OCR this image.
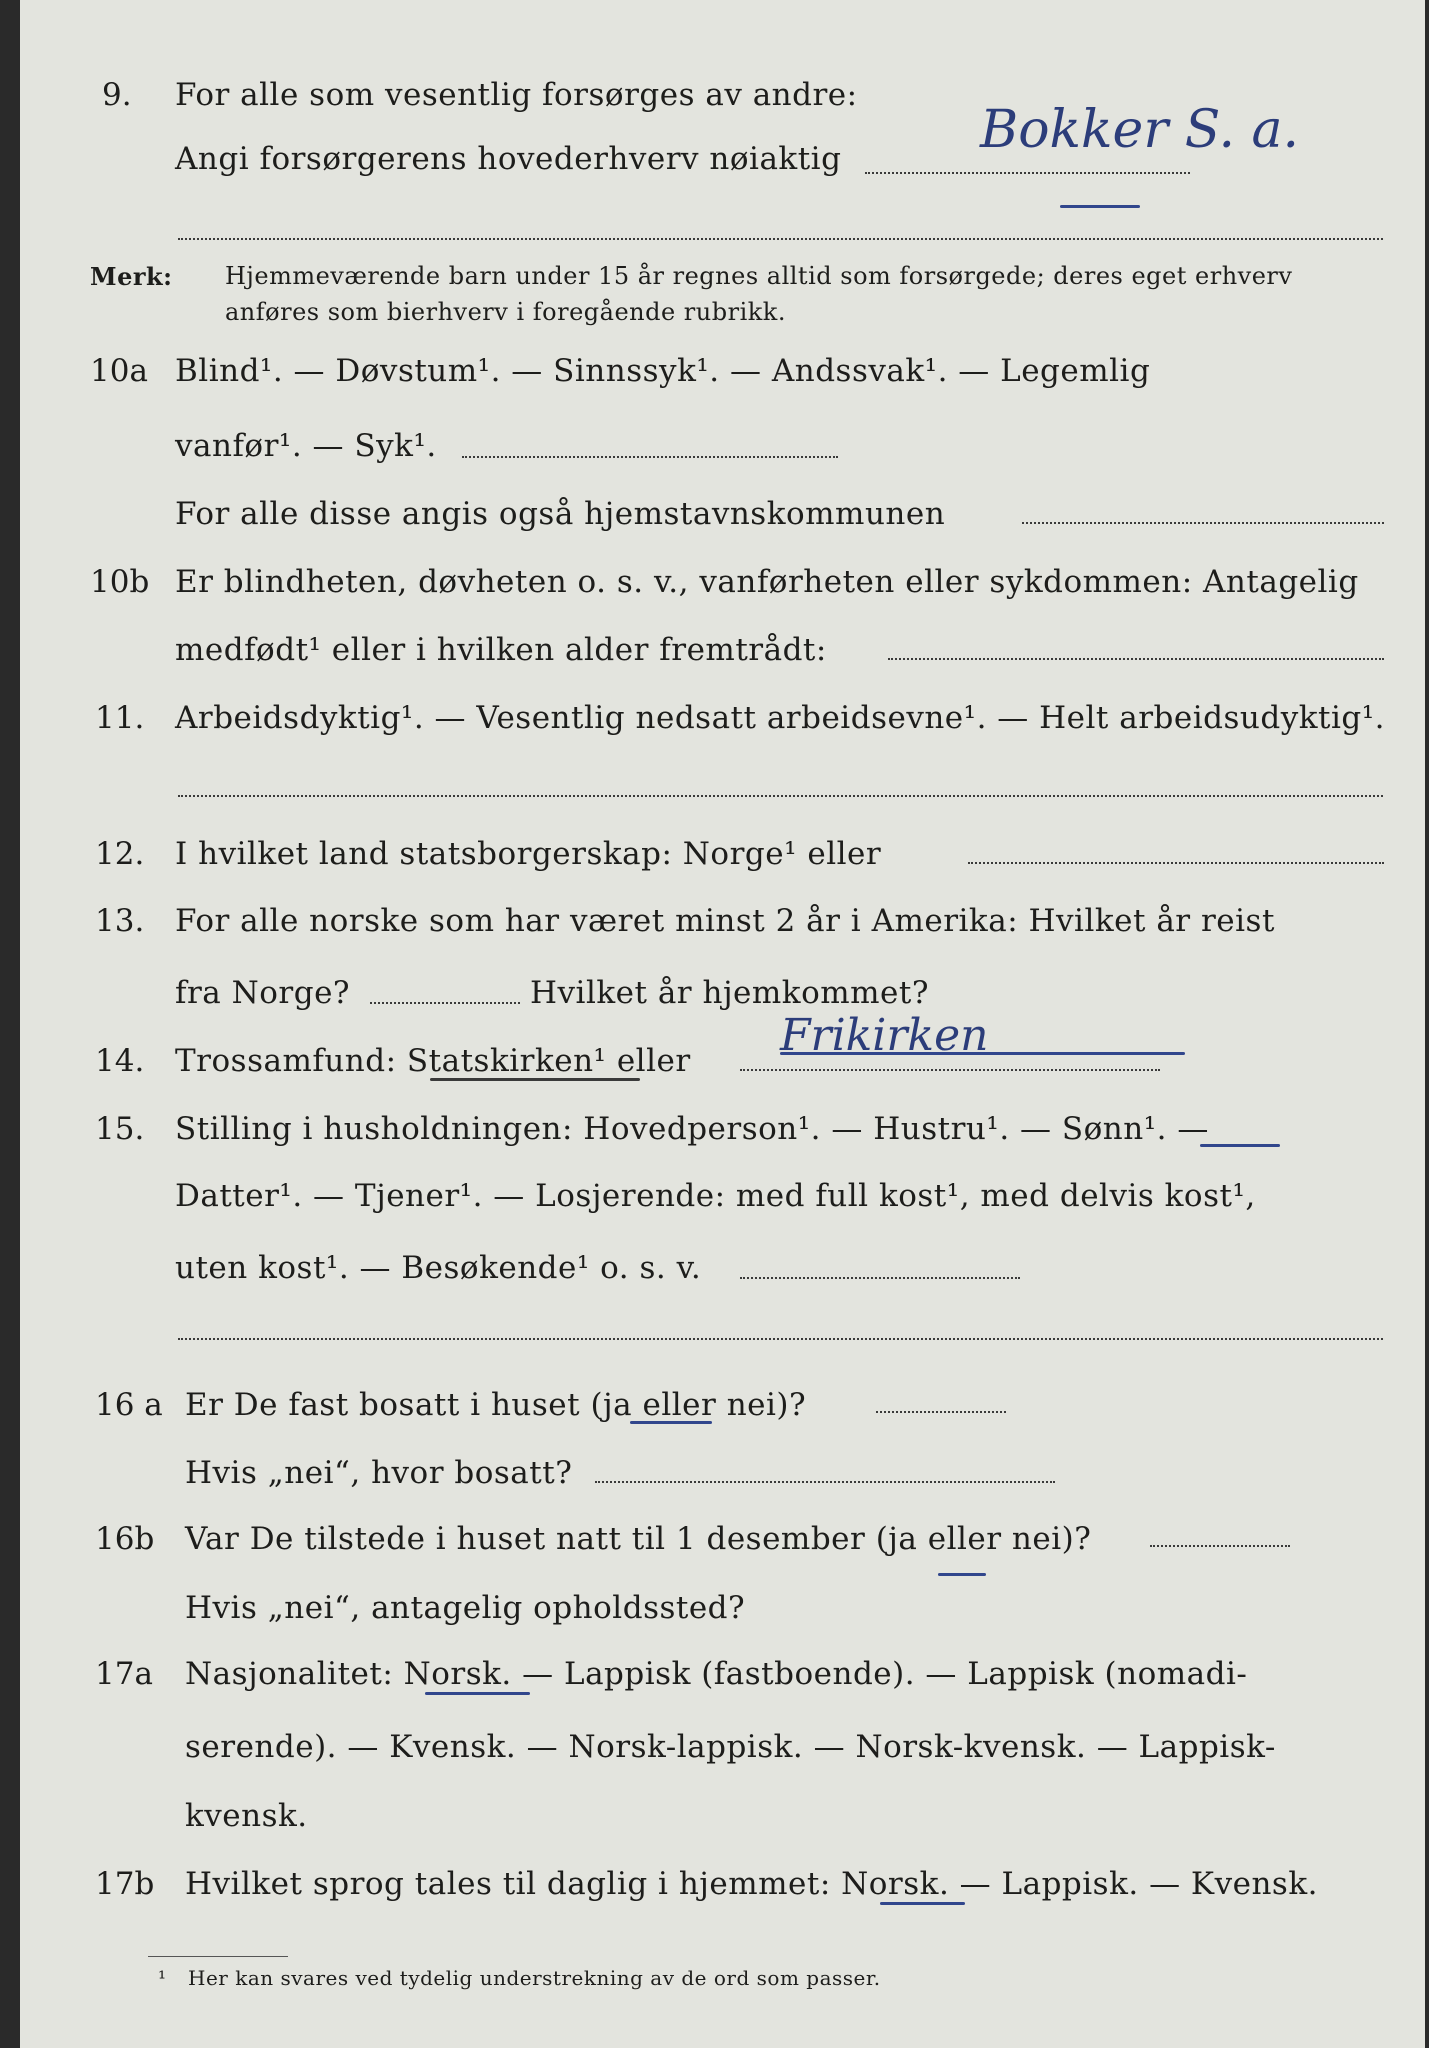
9. For alle som vesentlig forsørges av andre:
Angi forsørgerens hovederhverv nøiaktig	Bokker S. a.
Merk: Hjemmeværende barn under 15 år regnes alltid som forsørgede; deres eget erhverv
anføres som bierhverv i foregående rubrikk.
10a Blind¹. — Døvstum¹. — Sinnssyk¹. — Andssvak¹. — Legemlig
vanfør¹. — Syk¹.
For alle disse angis også hjemstavnskommunen
10b Er blindheten, døvheten o. s. v., vanførheten eller sykdommen: Antagelig
medfødt¹ eller i hvilken alder fremtrådt:
11. Arbeidsdyktig¹. — Vesentlig nedsatt arbeidsevne¹. — Helt arbeidsudyktig¹.
12. I hvilket land statsborgerskap: Norge¹ eller
13. For alle norske som har været minst 2 år i Amerika: Hvilket år reist
fra Norge?	Hvilket år hjemkommet?
14. Trossamfund: Statskirken¹ eller Frikirken
15. Stilling i husholdningen: Hovedperson¹. — Hustru¹. — Sønn¹. —
Datter¹. — Tjener¹. — Losjerende: med full kost¹, med delvis kost¹,
uten kost¹. — Besøkende¹ o. s. v.
16 a Er De fast bosatt i huset (ja eller nei)?
Hvis „nei“, hvor bosatt?
16b Var De tilstede i huset natt til 1 desember (ja eller nei)?
Hvis „nei“, antagelig opholdssted?
17a Nasjonalitet: Norsk. — Lappisk (fastboende). — Lappisk (nomadi-
serende). — Kvensk. — Norsk-lappisk. — Norsk-kvensk. — Lappisk-
kvensk.
17b Hvilket sprog tales til daglig i hjemmet: Norsk. — Lappisk. — Kvensk.
¹ Her kan svares ved tydelig understrekning av de ord som passer.
